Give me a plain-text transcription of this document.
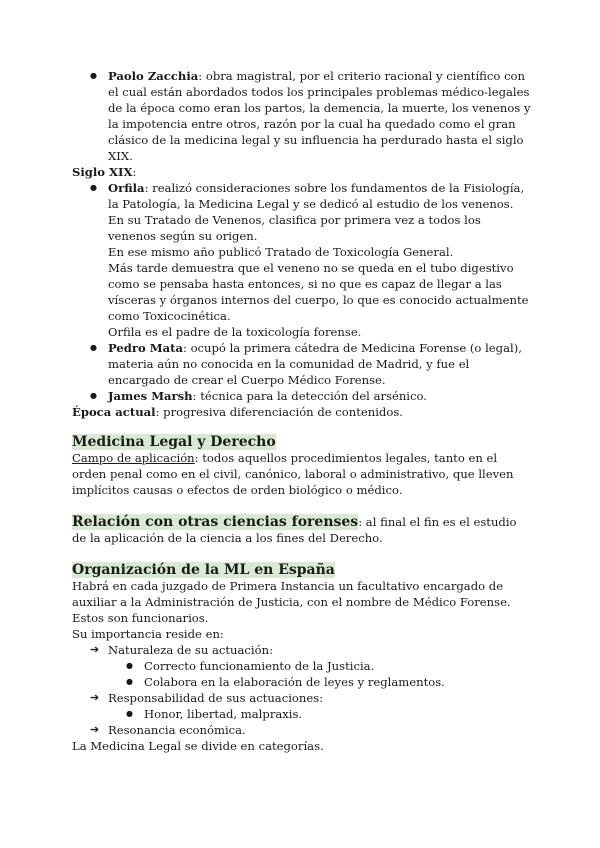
● Paolo Zacchia: obra magistral, por el criterio racional y científico con el cual están abordados todos los principales problemas médico-legales de la época como eran los partos, la demencia, la muerte, los venenos y la impotencia entre otros, razón por la cual ha quedado como el gran clásico de la medicina legal y su influencia ha perdurado hasta el siglo XIX.

Siglo XIX:

● Orfila: realizó consideraciones sobre los fundamentos de la Fisiología, la Patología, la Medicina Legal y se dedicó al estudio de los venenos. En su Tratado de Venenos, clasifica por primera vez a todos los venenos según su origen.
En ese mismo año publicó Tratado de Toxicología General.
Más tarde demuestra que el veneno no se queda en el tubo digestivo como se pensaba hasta entonces, si no que es capaz de llegar a las vísceras y órganos internos del cuerpo, lo que es conocido actualmente como Toxicocinética.
Orfila es el padre de la toxicología forense.
● Pedro Mata: ocupó la primera cátedra de Medicina Forense (o legal), materia aún no conocida en la comunidad de Madrid, y fue el encargado de crear el Cuerpo Médico Forense.
● James Marsh: técnica para la detección del arsénico.

Época actual: progresiva diferenciación de contenidos.

Medicina Legal y Derecho

Campo de aplicación: todos aquellos procedimientos legales, tanto en el orden penal como en el civil, canónico, laboral o administrativo, que lleven implícitos causas o efectos de orden biológico o médico.

Relación con otras ciencias forenses: al final el fin es el estudio de la aplicación de la ciencia a los fines del Derecho.

Organización de la ML en España

Habrá en cada juzgado de Primera Instancia un facultativo encargado de auxiliar a la Administración de Justicia, con el nombre de Médico Forense. Estos son funcionarios.

Su importancia reside en:

➔ Naturaleza de su actuación:
● Correcto funcionamiento de la Justicia.
● Colabora en la elaboración de leyes y reglamentos.
➔ Responsabilidad de sus actuaciones:
● Honor, libertad, malpraxis.
➔ Resonancia económica.

La Medicina Legal se divide en categorías.
